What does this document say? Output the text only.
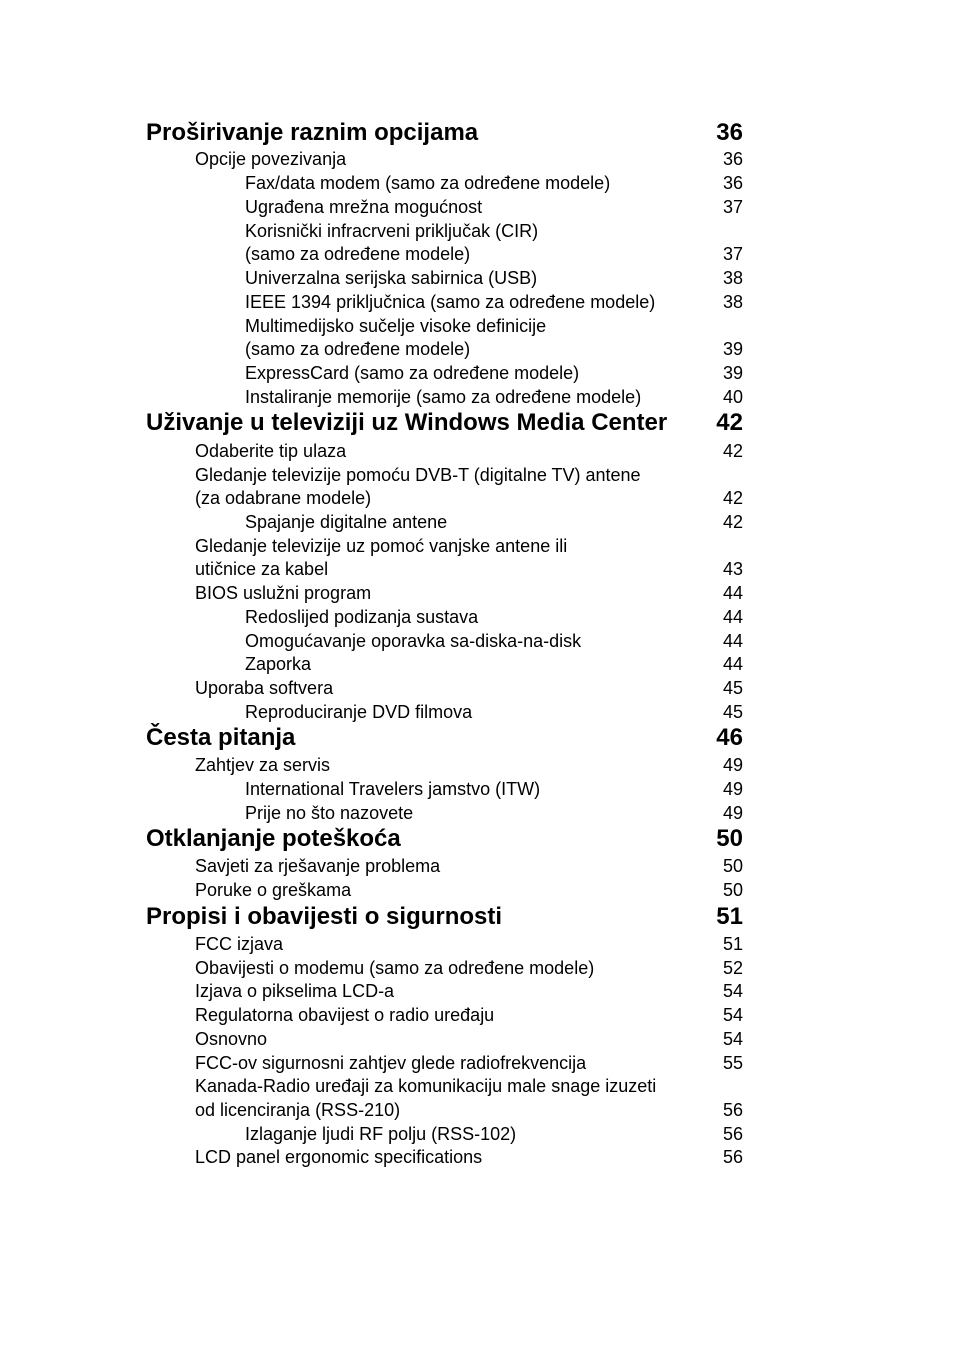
Proširivanje raznim opcijama	36
Opcije povezivanja	36
Fax/data modem (samo za određene modele)	36
Ugrađena mrežna mogućnost	37
Korisnički infracrveni priključak (CIR)
(samo za određene modele)	37
Univerzalna serijska sabirnica (USB)	38
IEEE 1394 priključnica (samo za određene modele)	38
Multimedijsko sučelje visoke definicije
(samo za određene modele)	39
ExpressCard (samo za određene modele)	39
Instaliranje memorije (samo za određene modele)	40
Uživanje u televiziji uz Windows Media Center 42
Odaberite tip ulaza	42
Gledanje televizije pomoću DVB-T (digitalne TV) antene
(za odabrane modele)	42
Spajanje digitalne antene	42
Gledanje televizije uz pomoć vanjske antene ili
utičnice za kabel	43
BIOS uslužni program	44
Redoslijed podizanja sustava	44
Omogućavanje oporavka sa-diska-na-disk	44
Zaporka	44
Uporaba softvera	45
Reproduciranje DVD filmova	45
Česta pitanja	46
Zahtjev za servis	49
International Travelers jamstvo (ITW)	49
Prije no što nazovete	49
Otklanjanje poteškoća	50
Savjeti za rješavanje problema	50
Poruke o greškama	50
Propisi i obavijesti o sigurnosti	51
FCC izjava	51
Obavijesti o modemu (samo za određene modele)	52
Izjava o pikselima LCD-a	54
Regulatorna obavijest o radio uređaju	54
Osnovno	54
FCC-ov sigurnosni zahtjev glede radiofrekvencija	55
Kanada-Radio uređaji za komunikaciju male snage izuzeti
od licenciranja (RSS-210)	56
Izlaganje ljudi RF polju (RSS-102)	56
LCD panel ergonomic specifications	56
